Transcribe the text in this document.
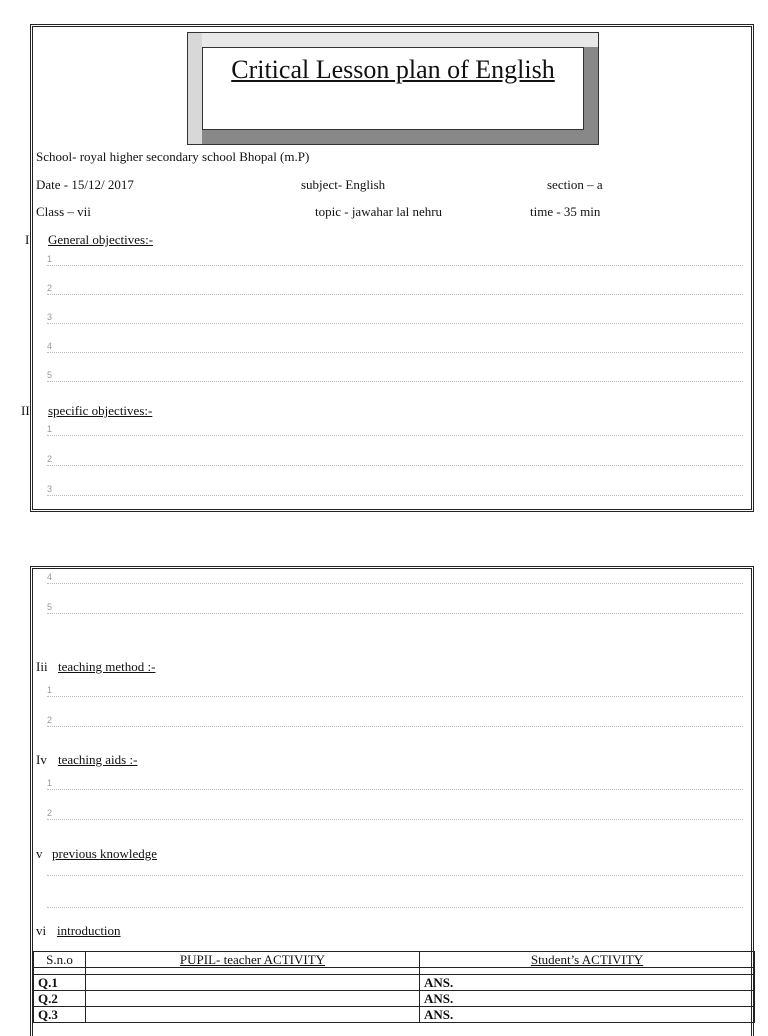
Critical Lesson plan of English
School- royal higher secondary school Bhopal (m.P)
Date - 15/12/ 2017	subject- English	section – a
Class – vii	topic - jawahar lal nehru	time - 35 min
I General objectives:-
1
2
3
4
5
II specific objectives:-
1
2
3
4
5
Iii teaching method :-
1
2
Iv teaching aids :-
1
2
v previous knowledge
vi introduction
S.n.o	PUPIL- teacher ACTIVITY	Student’s ACTIVITY

Q.1		ANS.
Q.2		ANS.
Q.3		ANS.
